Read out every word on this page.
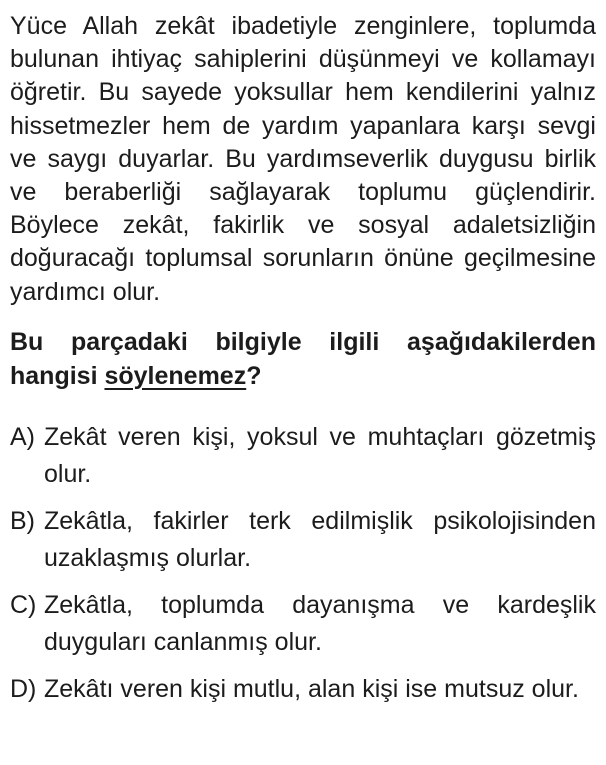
Yüce Allah zekât ibadetiyle zenginlere, toplumda bulunan ihtiyaç sahiplerini düşünmeyi ve kollamayı öğretir. Bu sayede yoksullar hem kendilerini yalnız hissetmezler hem de yardım yapanlara karşı sevgi ve saygı duyarlar. Bu yardımseverlik duygusu birlik ve beraberliği sağlayarak toplumu güçlendirir. Böylece zekât, fakirlik ve sosyal adaletsizliğin doğuracağı toplumsal sorunların önüne geçilmesine yardımcı olur.

Bu parçadaki bilgiyle ilgili aşağıdakilerden hangisi söylenemez?
A) Zekât veren kişi, yoksul ve muhtaçları gözetmiş olur.
B) Zekâtla, fakirler terk edilmişlik psikolojisinden uzaklaşmış olurlar.
C) Zekâtla, toplumda dayanışma ve kardeşlik duyguları canlanmış olur.
D) Zekâtı veren kişi mutlu, alan kişi ise mutsuz olur.
